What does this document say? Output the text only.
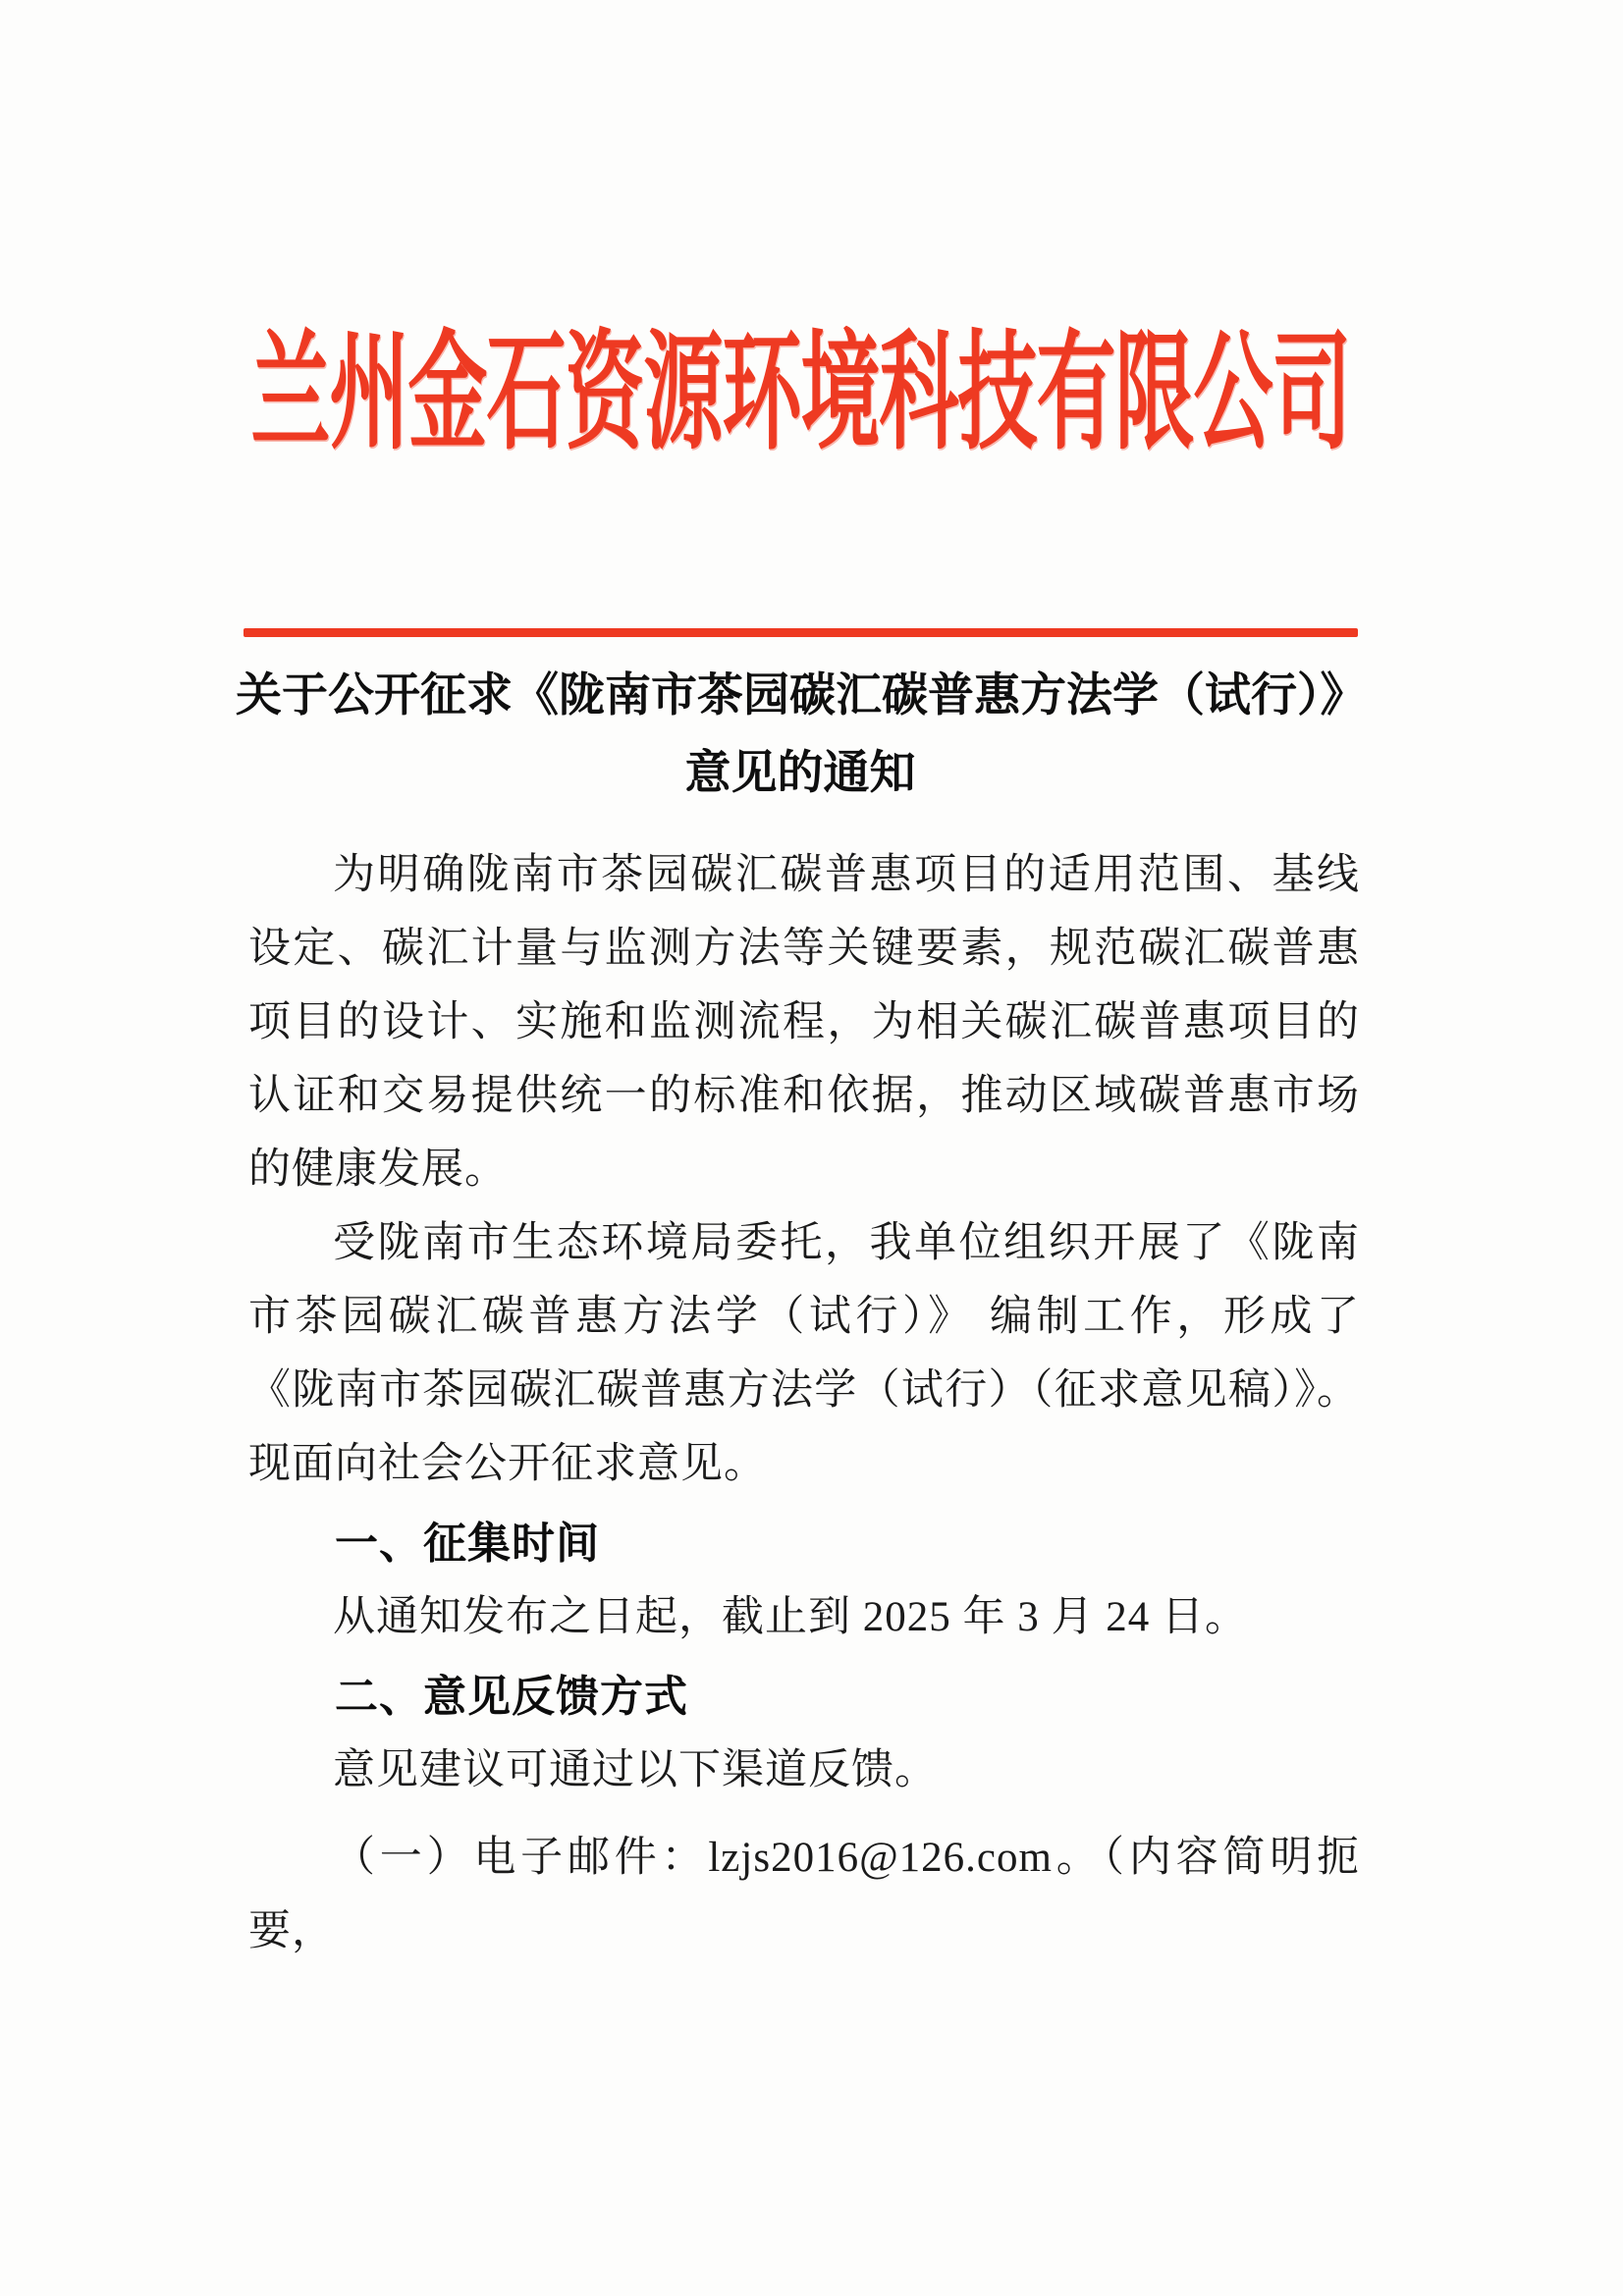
兰州金石资源环境科技有限公司
关于公开征求《陇南市茶园碳汇碳普惠方法学（试行）》
意见的通知

为明确陇南市茶园碳汇碳普惠项目的适用范围、基线设定、碳汇计量与监测方法等关键要素，规范碳汇碳普惠项目的设计、实施和监测流程，为相关碳汇碳普惠项目的认证和交易提供统一的标准和依据，推动区域碳普惠市场的健康发展。

受陇南市生态环境局委托，我单位组织开展了《陇南市茶园碳汇碳普惠方法学（试行）》 编制工作，形成了《陇南市茶园碳汇碳普惠方法学（试行）（征求意见稿）》。现面向社会公开征求意见。

一、征集时间

从通知发布之日起，截止到 2025 年 3 月 24 日。

二、意见反馈方式

意见建议可通过以下渠道反馈。

（一）电子邮件：lzjs2016@126.com。（内容简明扼要，
